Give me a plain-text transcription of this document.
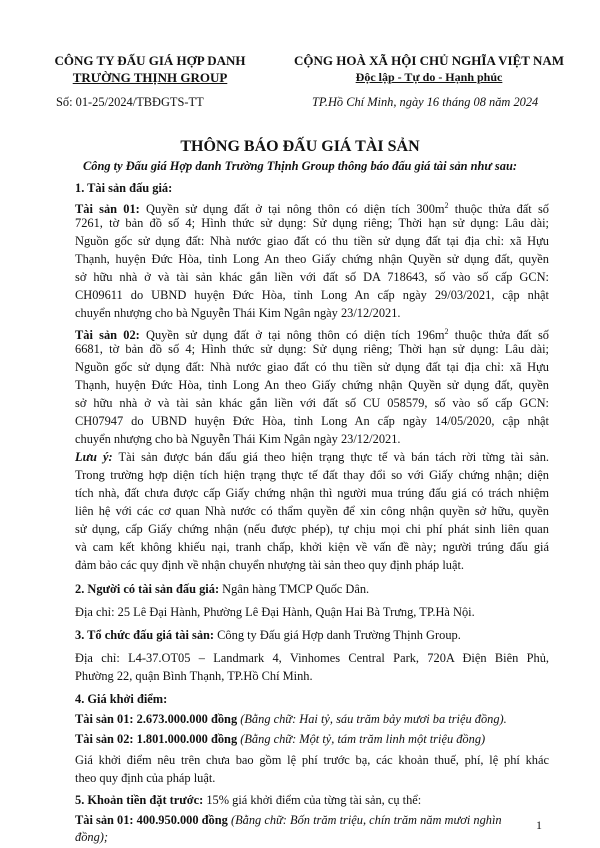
CÔNG TY ĐẤU GIÁ HỢP DANH
TRƯỜNG THỊNH GROUP
Số: 01-25/2024/TBĐGTS-TT
CỘNG HOÀ XÃ HỘI CHỦ NGHĨA VIỆT NAM
Độc lập - Tự do - Hạnh phúc
TP.Hồ Chí Minh, ngày 16 tháng 08 năm 2024
THÔNG BÁO ĐẤU GIÁ TÀI SẢN
Công ty Đấu giá Hợp danh Trường Thịnh Group thông báo đấu giá tài sản như sau:
1. Tài sản đấu giá:
Tài sản 01: Quyền sử dụng đất ở tại nông thôn có diện tích $300m^2$ thuộc thửa đất số
7261, tờ bản đồ số 4; Hình thức sử dụng: Sử dụng riêng; Thời hạn sử dụng: Lâu dài;
Nguồn gốc sử dụng đất: Nhà nước giao đất có thu tiền sử dụng đất tại địa chỉ: xã Hựu
Thạnh, huyện Đức Hòa, tỉnh Long An theo Giấy chứng nhận Quyền sử dụng đất, quyền
sở hữu nhà ở và tài sản khác gắn liền với đất số DA 718643, số vào số cấp GCN:
CH09611 do UBND huyện Đức Hòa, tỉnh Long An cấp ngày 29/03/2021, cập nhật
chuyển nhượng cho bà Nguyễn Thái Kim Ngân ngày 23/12/2021.
Tài sản 02: Quyền sử dụng đất ở tại nông thôn có diện tích $196m^2$ thuộc thửa đất số
6681, tờ bản đồ số 4; Hình thức sử dụng: Sử dụng riêng; Thời hạn sử dụng: Lâu dài;
Nguồn gốc sử dụng đất: Nhà nước giao đất có thu tiền sử dụng đất tại địa chỉ: xã Hựu
Thạnh, huyện Đức Hòa, tỉnh Long An theo Giấy chứng nhận Quyền sử dụng đất, quyền
sở hữu nhà ở và tài sản khác gắn liền với đất số CU 058579, số vào số cấp GCN:
CH07947 do UBND huyện Đức Hòa, tỉnh Long An cấp ngày 14/05/2020, cập nhật
chuyển nhượng cho bà Nguyễn Thái Kim Ngân ngày 23/12/2021.
Lưu ý: Tài sản được bán đấu giá theo hiện trạng thực tế và bán tách rời từng tài sản.
Trong trường hợp diện tích hiện trạng thực tế đất thay đổi so với Giấy chứng nhận; diện
tích nhà, đất chưa được cấp Giấy chứng nhận thì người mua trúng đấu giá có trách nhiệm
liên hệ với các cơ quan Nhà nước có thẩm quyền để xin công nhận quyền sở hữu, quyền
sử dụng, cấp Giấy chứng nhận (nếu được phép), tự chịu mọi chi phí phát sinh liên quan
và cam kết không khiếu nại, tranh chấp, khởi kiện về vấn đề này; người trúng đấu giá
đảm bảo các quy định về nhận chuyển nhượng tài sản theo quy định pháp luật.
2. Người có tài sản đấu giá: Ngân hàng TMCP Quốc Dân.
Địa chỉ: 25 Lê Đại Hành, Phường Lê Đại Hành, Quận Hai Bà Trưng, TP.Hà Nội.
3. Tổ chức đấu giá tài sản: Công ty Đấu giá Hợp danh Trường Thịnh Group.
Địa chỉ: L4-37.OT05 – Landmark 4, Vinhomes Central Park, 720A Điện Biên Phủ,
Phường 22, quận Bình Thạnh, TP.Hồ Chí Minh.
4. Giá khởi điểm:
Tài sản 01: 2.673.000.000 đồng (Bằng chữ: Hai tỷ, sáu trăm bảy mươi ba triệu đồng).
Tài sản 02: 1.801.000.000 đồng (Bằng chữ: Một tỷ, tám trăm linh một triệu đồng)
Giá khởi điểm nêu trên chưa bao gồm lệ phí trước bạ, các khoản thuế, phí, lệ phí khác
theo quy định của pháp luật.
5. Khoản tiền đặt trước: 15% giá khởi điểm của từng tài sản, cụ thể:
Tài sản 01: 400.950.000 đồng (Bằng chữ: Bốn trăm triệu, chín trăm năm mươi nghìn
đồng);
1
